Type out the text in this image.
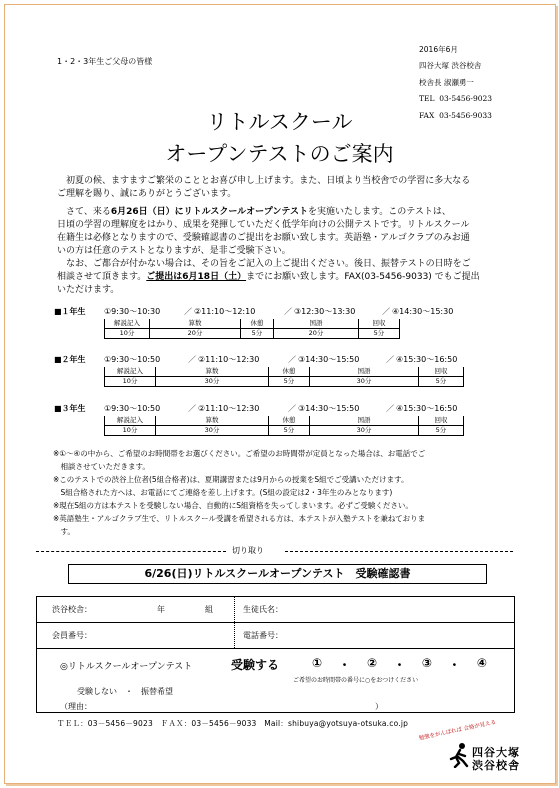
1・2・3年生ご父母の皆様
2016年6月
四谷大塚 渋谷校舎
校舎長 淑瀬勇一
TEL 03-5456-9023
FAX 03-5456-9033
リトルスクール
オープンテストのご案内
初夏の候、ますますご繁栄のこととお喜び申し上げます。また、日頃より当校舎での学習に多大なる
ご理解を賜り、誠にありがとうございます。
さて、来る6月26日（日）にリトルスクールオープンテストを実施いたします。このテストは、
日頃の学習の理解度をはかり、成果を発揮していただく低学年向けの公開テストです。リトルスクール
在籍生は必修となりますので、受験確認書のご提出をお願い致します。英語塾・アルゴクラブのみお通
いの方は任意のテストとなりますが、是非ご受験下さい。
なお、ご都合が付かない場合は、その旨をご記入の上ご提出ください。後日、振替テストの日時をご
相談させて頂きます。ご提出は6月18日（土）までにお願い致します。FAX(03-5456-9033) でもご提出
いただけます。
■１年生 ①9:30～10:30	／ ②11:10～12:10	／ ③12:30～13:30	／ ④14:30～15:30
解説記入	算数	休憩	国語	回収
10分	20分	5分	20分	5分
■２年生 ①9:30～10:50	／ ②11:10～12:30	／ ③14:30～15:50	／ ④15:30～16:50
解説記入	算数	休憩	国語	回収
10分	30分	5分	30分	5分
■３年生 ①9:30～10:50	／ ②11:10～12:30	／ ③14:30～15:50	／ ④15:30～16:50
解説記入	算数	休憩	国語	回収
10分	30分	5分	30分	5分
※①～④の中から、ご希望のお時間帯をお選びください。ご希望のお時間帯が定員となった場合は、お電話でご
　相談させていただきます。
※このテストでの渋谷上位者(5組合格者)は、夏期講習または9月からの授業をS組でご受講いただけます。
　S組合格された方へは、お電話にてご連絡を差し上げます。(S組の設定は2・3年生のみとなります)
※現在S組の方は本テストを受験しない場合、自動的にS組資格を失ってしまいます。必ずご受験ください。
※英語塾生・アルゴクラブ生で、リトルスクール受講を希望される方は、本テストが入塾テストを兼ねておりま
　す。
切り取り
6/26(日)リトルスクールオープンテスト　受験確認書
渋谷校舎：	年	組	生徒氏名：
会員番号：	電話番号：
◎リトルスクールオープンテスト	受験する	① ・ ② ・ ③ ・ ④
ご希望のお時間帯の番号に○をおつけください
受験しない　・　振替希望
（理由：	）
ＴＥＬ：03－5456－9023　ＦＡＸ：03－5456－9033　Mail：shibuya@yotsuya-otsuka.co.jp 勉強をがんばれば 合格が見える
四谷大塚
渋谷校舎
